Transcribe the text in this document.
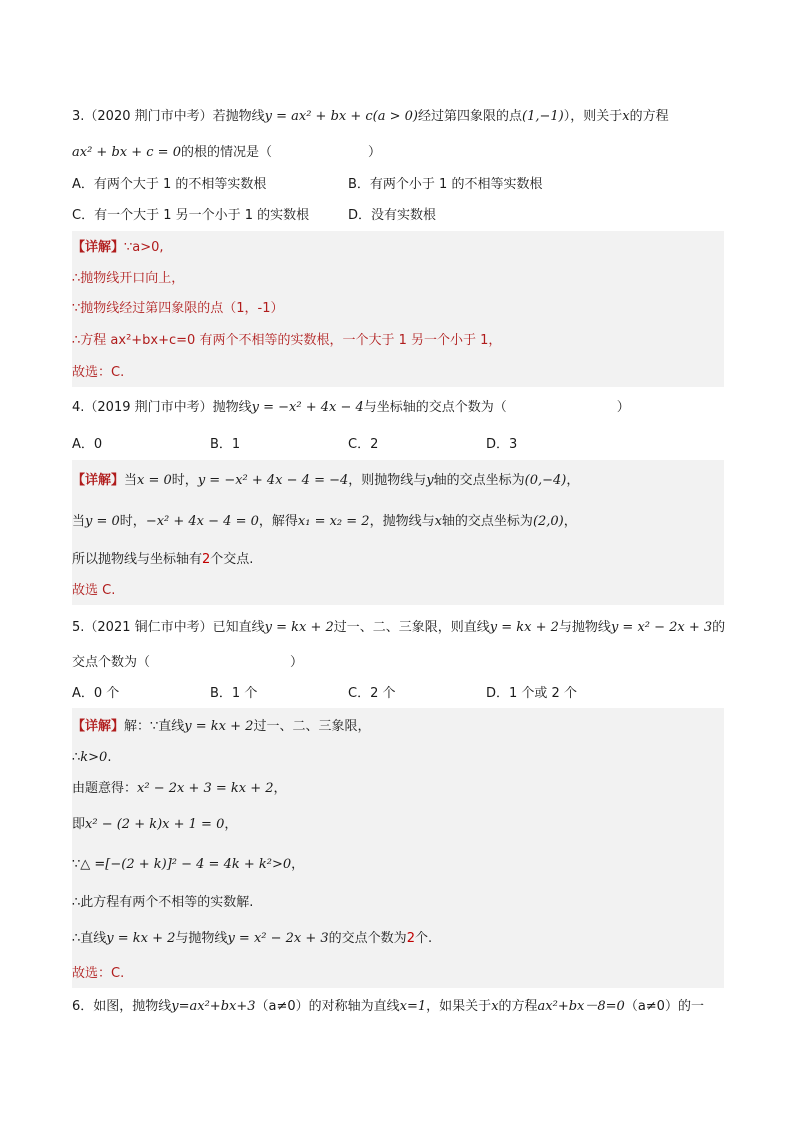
3.（2020 荆门市中考）若抛物线y = ax² + bx + c(a > 0)经过第四象限的点(1,−1)），则关于x的方程
ax² + bx + c = 0的根的情况是（	）
A．有两个大于 1 的不相等实数根	B．有两个小于 1 的不相等实数根
C．有一个大于 1 另一个小于 1 的实数根	D．没有实数根
【详解】∵a>0,
∴抛物线开口向上，
∵抛物线经过第四象限的点（1，-1）
∴方程 ax²+bx+c=0 有两个不相等的实数根，一个大于 1 另一个小于 1，
故选：C.
4.（2019 荆门市中考）抛物线y = −x² + 4x − 4与坐标轴的交点个数为（	）
A．0	B．1	C．2	D．3
【详解】当x = 0时，y = −x² + 4x − 4 = −4，则抛物线与y轴的交点坐标为(0,−4)，
当y = 0时，−x² + 4x − 4 = 0，解得x₁ = x₂ = 2，抛物线与x轴的交点坐标为(2,0)，
所以抛物线与坐标轴有2个交点.
故选 C.
5.（2021 铜仁市中考）已知直线y = kx + 2过一、二、三象限，则直线y = kx + 2与抛物线y = x² − 2x + 3的
交点个数为（	）
A．0 个	B．1 个	C．2 个	D．1 个或 2 个
【详解】解：∵直线y = kx + 2过一、二、三象限，
∴k>0.
由题意得：x² − 2x + 3 = kx + 2，
即x² − (2 + k)x + 1 = 0，
∵△ =[−(2 + k)]² − 4 = 4k + k²>0，
∴此方程有两个不相等的实数解.
∴直线y = kx + 2与抛物线y = x² − 2x + 3的交点个数为2个.
故选：C.
6．如图，抛物线y=ax²+bx+3（a≠0）的对称轴为直线x=1，如果关于x的方程ax²+bx－8=0（a≠0）的一
